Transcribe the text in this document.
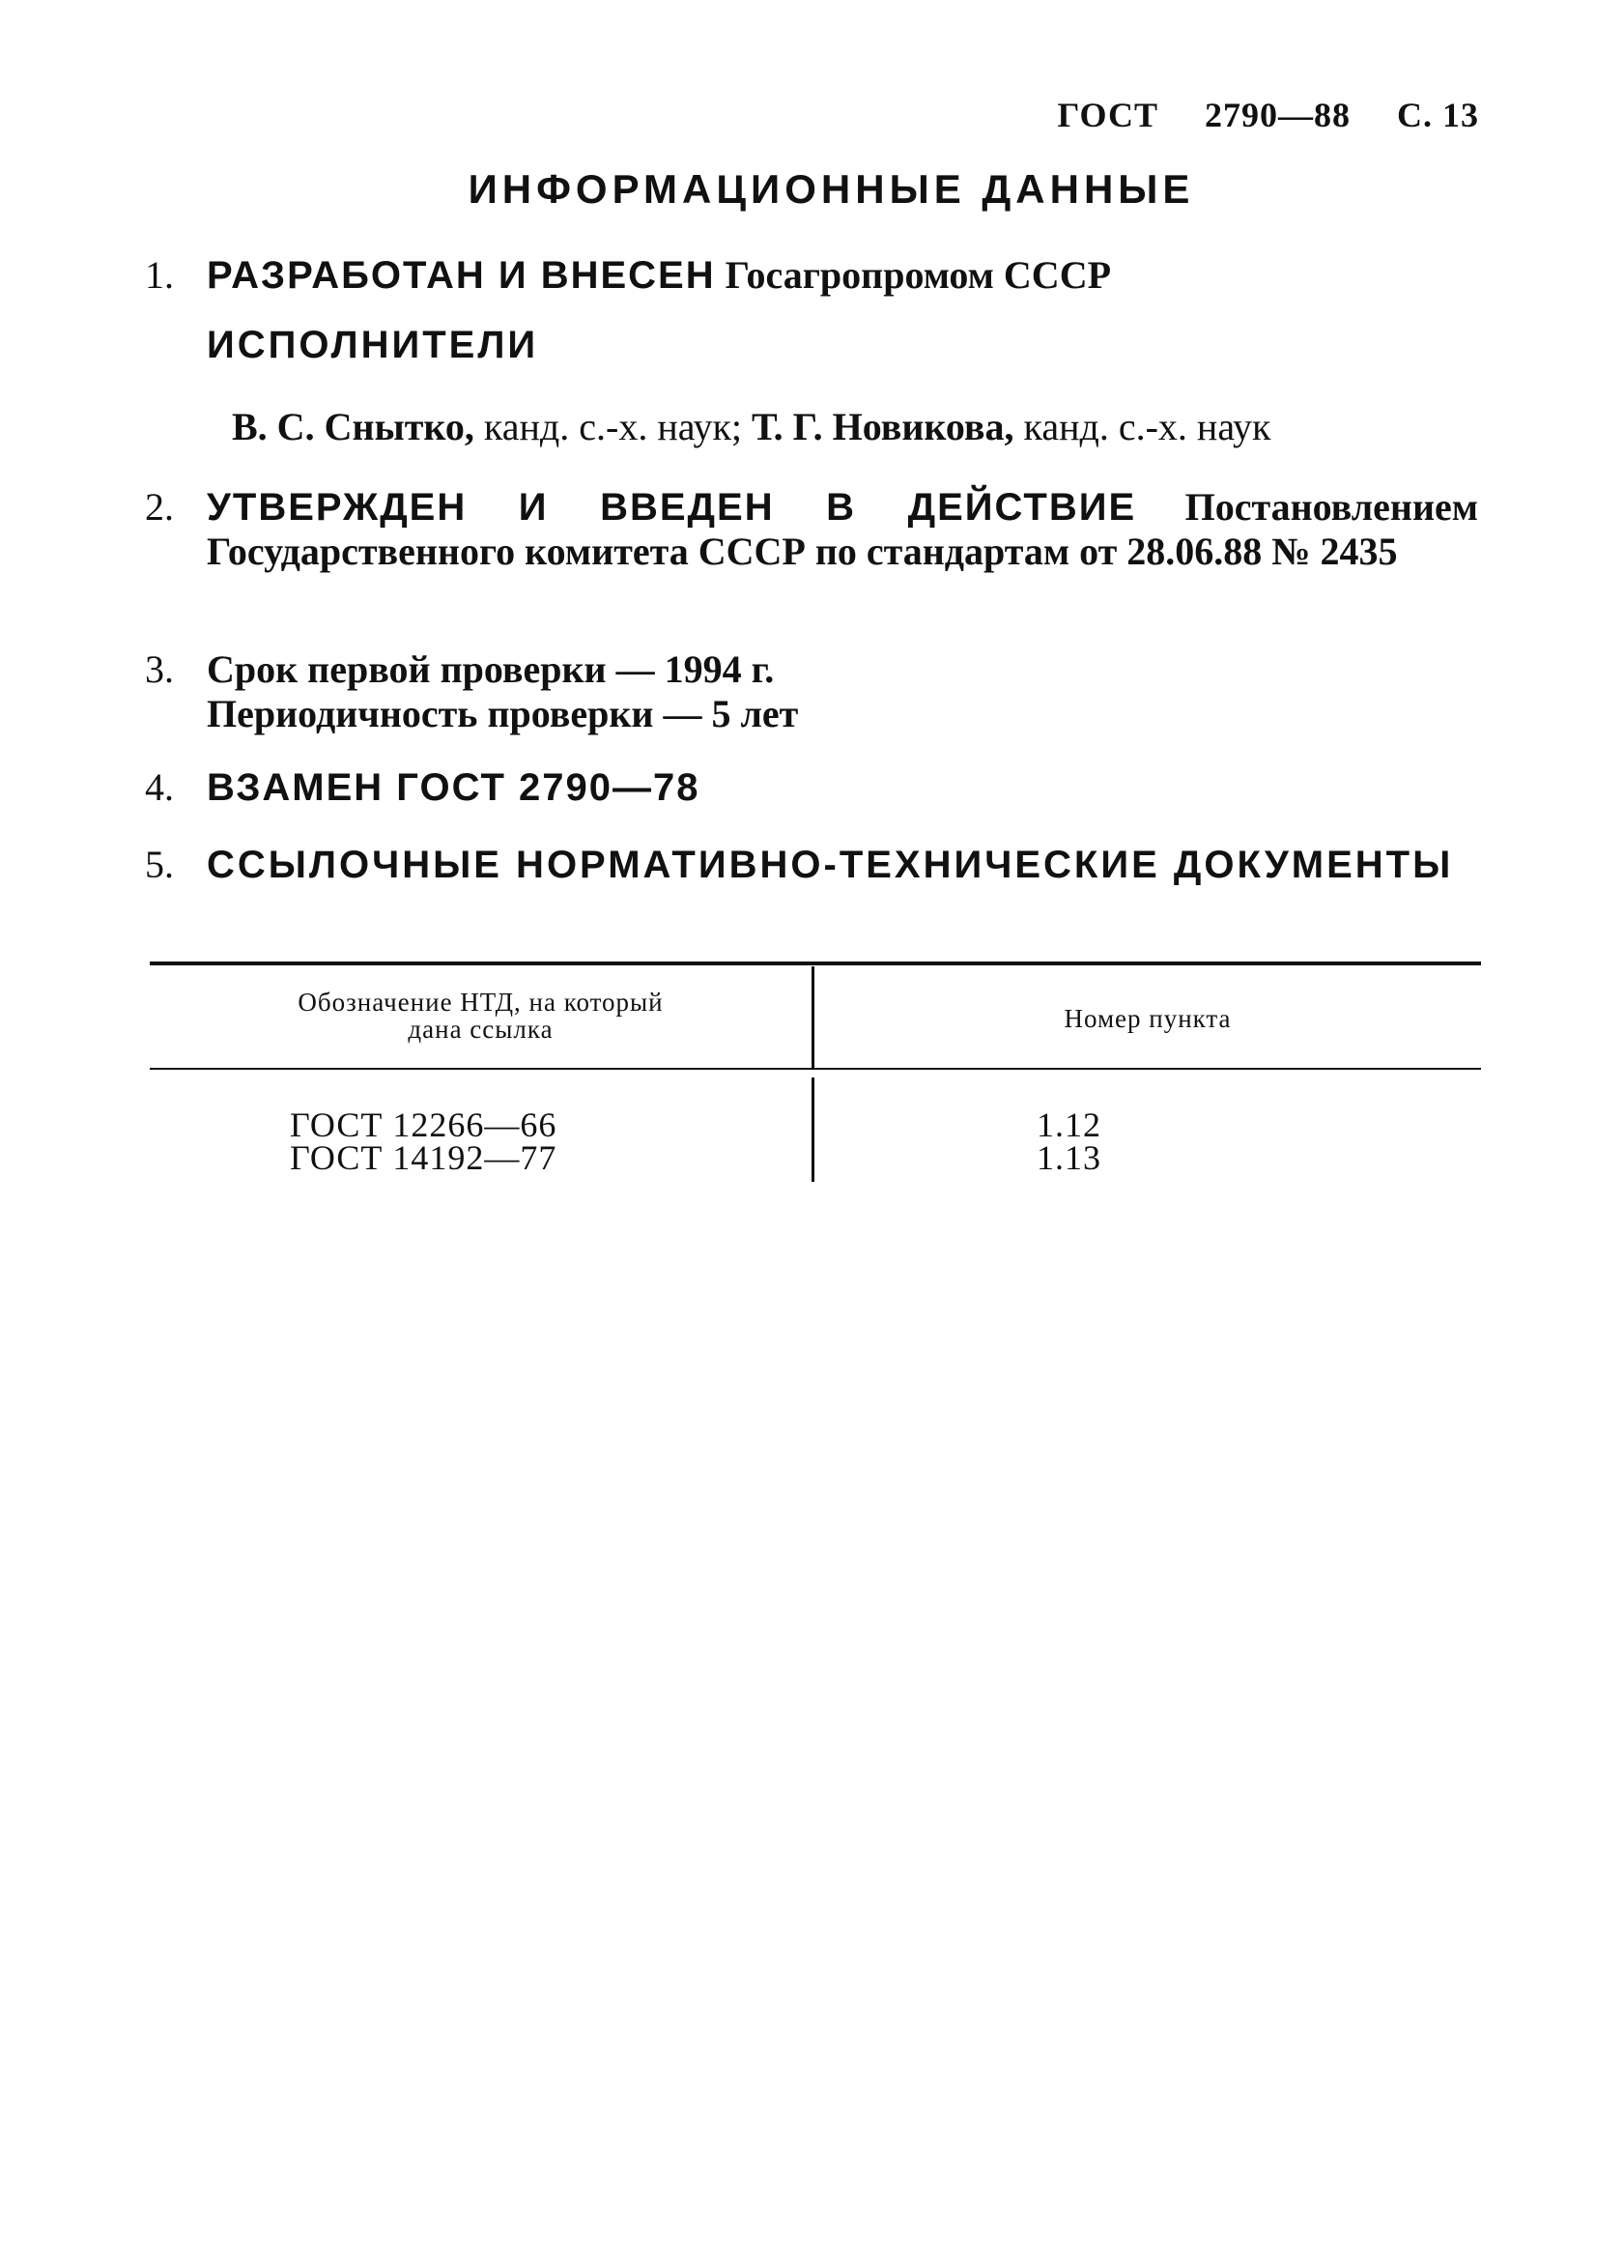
ГОСТ 2790—88 С. 13
ИНФОРМАЦИОННЫЕ ДАННЫЕ
1. РАЗРАБОТАН И ВНЕСЕН Госагропромом СССР
ИСПОЛНИТЕЛИ
В. С. Снытко, канд. с.-х. наук; Т. Г. Новикова, канд. с.-х. наук
2. УТВЕРЖДЕН И ВВЕДЕН В ДЕЙСТВИЕ Постановлением Государственного комитета СССР по стандартам от 28.06.88 № 2435
3. Срок первой проверки — 1994 г.
Периодичность проверки — 5 лет
4. ВЗАМЕН ГОСТ 2790—78
5. ССЫЛОЧНЫЕ НОРМАТИВНО-ТЕХНИЧЕСКИЕ ДОКУМЕНТЫ
Обозначение НТД, на который
дана ссылка	Номер пункта
ГОСТ 12266—66	1.12
ГОСТ 14192—77	1.13
